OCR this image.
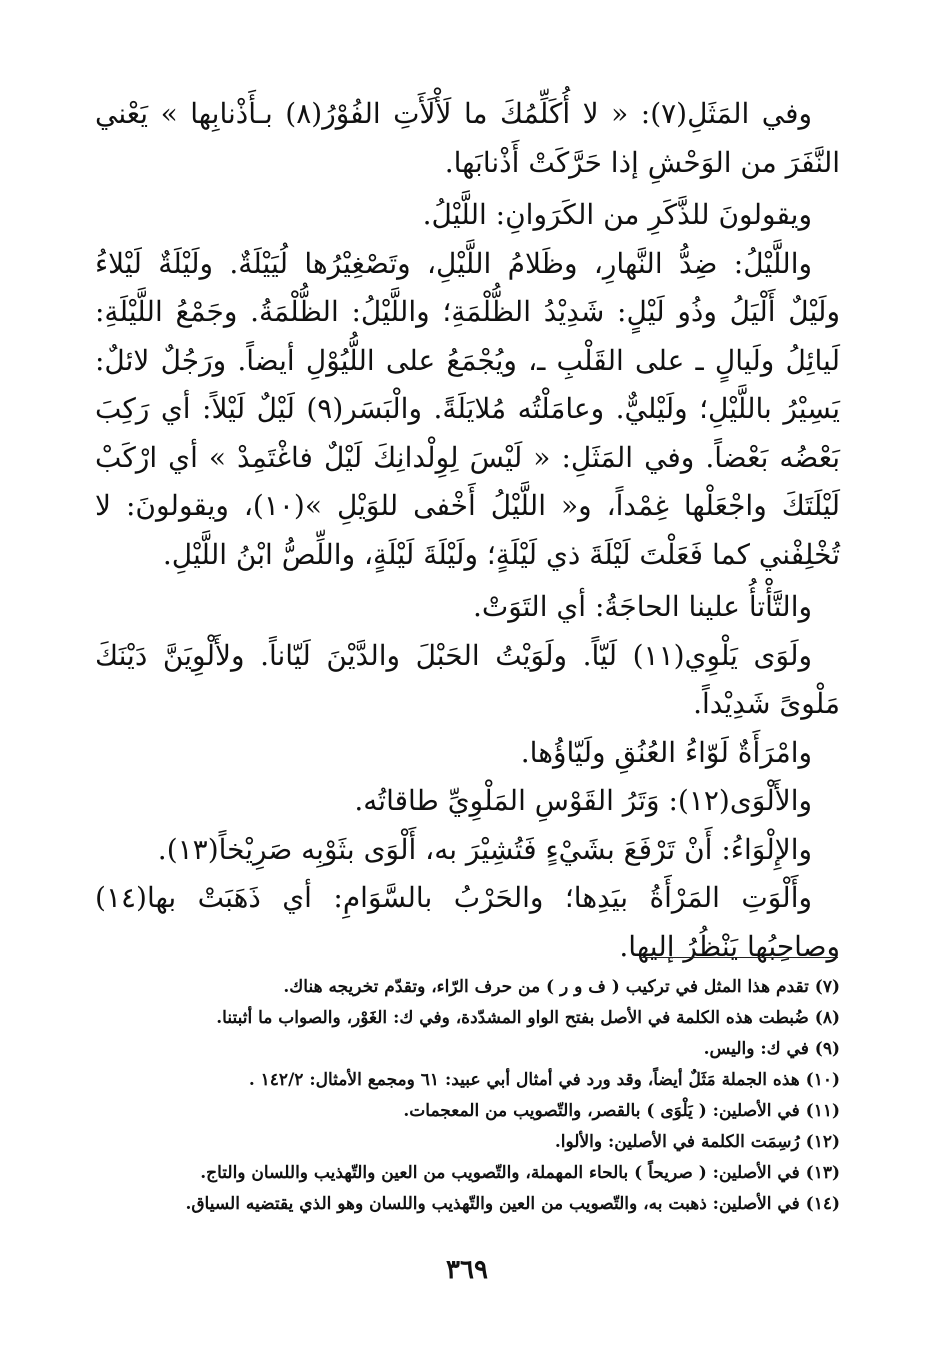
وفي المَثَلِ(٧): « لا أُكَلِّمُكَ ما لَأْلَأَتِ الفُوْرُ(٨) بـأَذْنابِها » يَعْني النَّفَرَ من الوَحْشِ إذا حَرَّكَتْ أَذْنابَها.

ويقولونَ للذَّكَرِ من الكَرَوانِ: اللَّيْلُ.

واللَّيْلُ: ضِدُّ النَّهارِ، وظَلامُ اللَّيْلِ، وتَصْغِيْرُها لُيَيْلَةٌ. ولَيْلَةٌ لَيْلاءُ ولَيْلٌ أَلْيَلُ وذُو لَيْلٍ: شَدِيْدُ الظُّلْمَةِ؛ واللَّيْلُ: الظُّلْمَةُ. وجَمْعُ اللَّيْلَةِ: لَيائِلُ ولَيالٍ ـ على القَلْبِ ـ، ويُجْمَعُ على اللُّيُوْلِ أيضاً. ورَجُلٌ لائلٌ: يَسِيْرُ باللَّيْلِ؛ ولَيْليٌّ. وعامَلْتُه مُلايَلَةً. والْبَسَر(٩) لَيْلٌ لَيْلاً: أي رَكِبَ بَعْضُه بَعْضاً. وفي المَثَلِ: « لَيْسَ لِوِلْدانِكَ لَيْلٌ فاغْتَمِدْ » أي ارْكَبْ لَيْلَتَكَ واجْعَلْها غِمْداً، و« اللَّيْلُ أَخْفى للوَيْلِ »(١٠)، ويقولونَ: لا تُخْلِفْني كما فَعَلْتَ لَيْلَةَ ذي لَيْلَةٍ؛ ولَيْلَةَ لَيْلَةٍ، واللِّصُّ ابْنُ اللَّيْلِ.

والتَّأْتأُ علينا الحاجَةُ: أي التَوَتْ.

ولَوَى يَلْوِي(١١) لَيّاً. ولَوَيْتُ الحَبْلَ والدَّيْنَ لَيّاناً. ولأَلْوِيَنَّ دَيْنَكَ مَلْوىً شَدِيْداً.

وامْرَأَةٌ لَوّاءُ العُنُقِ ولَيّاؤُها.

والأَلْوَى(١٢): وَتَرُ القَوْسِ المَلْوِيِّ طاقاتُه.

والإِلْوَاءُ: أَنْ تَرْفَعَ بشَيْءٍ فَتُشِيْرَ به، أَلْوَى بثَوْبِه صَرِيْخاً(١٣).

وأَلْوَتِ المَرْأَةُ بيَدِها؛ والحَرْبُ بالسَّوَامِ: أي ذَهَبَتْ بها(١٤) وصاحِبُها يَنْظُرُ إليها.

(٧) تقدم هذا المثل في تركيب ( ف و ر ) من حرف الرّاء، وتقدّم تخريجه هناك.
(٨) ضُبطت هذه الكلمة في الأصل بفتح الواو المشدّدة، وفي ك: الغَوْر، والصواب ما أثبتنا.
(٩) في ك: واليس.
(١٠) هذه الجملة مَثَلٌ أيضاً، وقد ورد في أمثال أبي عبيد: ٦١ ومجمع الأمثال: ١٤٢/٢ .
(١١) في الأصلين: ( يَلْوَى ) بالقصر، والتّصويب من المعجمات.
(١٢) رُسِمَت الكلمة في الأصلين: والألوا.
(١٣) في الأصلين: ( صريحاً ) بالحاء المهملة، والتّصويب من العين والتّهذيب واللسان والتاج.
(١٤) في الأصلين: ذهبت به، والتّصويب من العين والتّهذيب واللسان وهو الذي يقتضيه السياق.
٣٦٩
